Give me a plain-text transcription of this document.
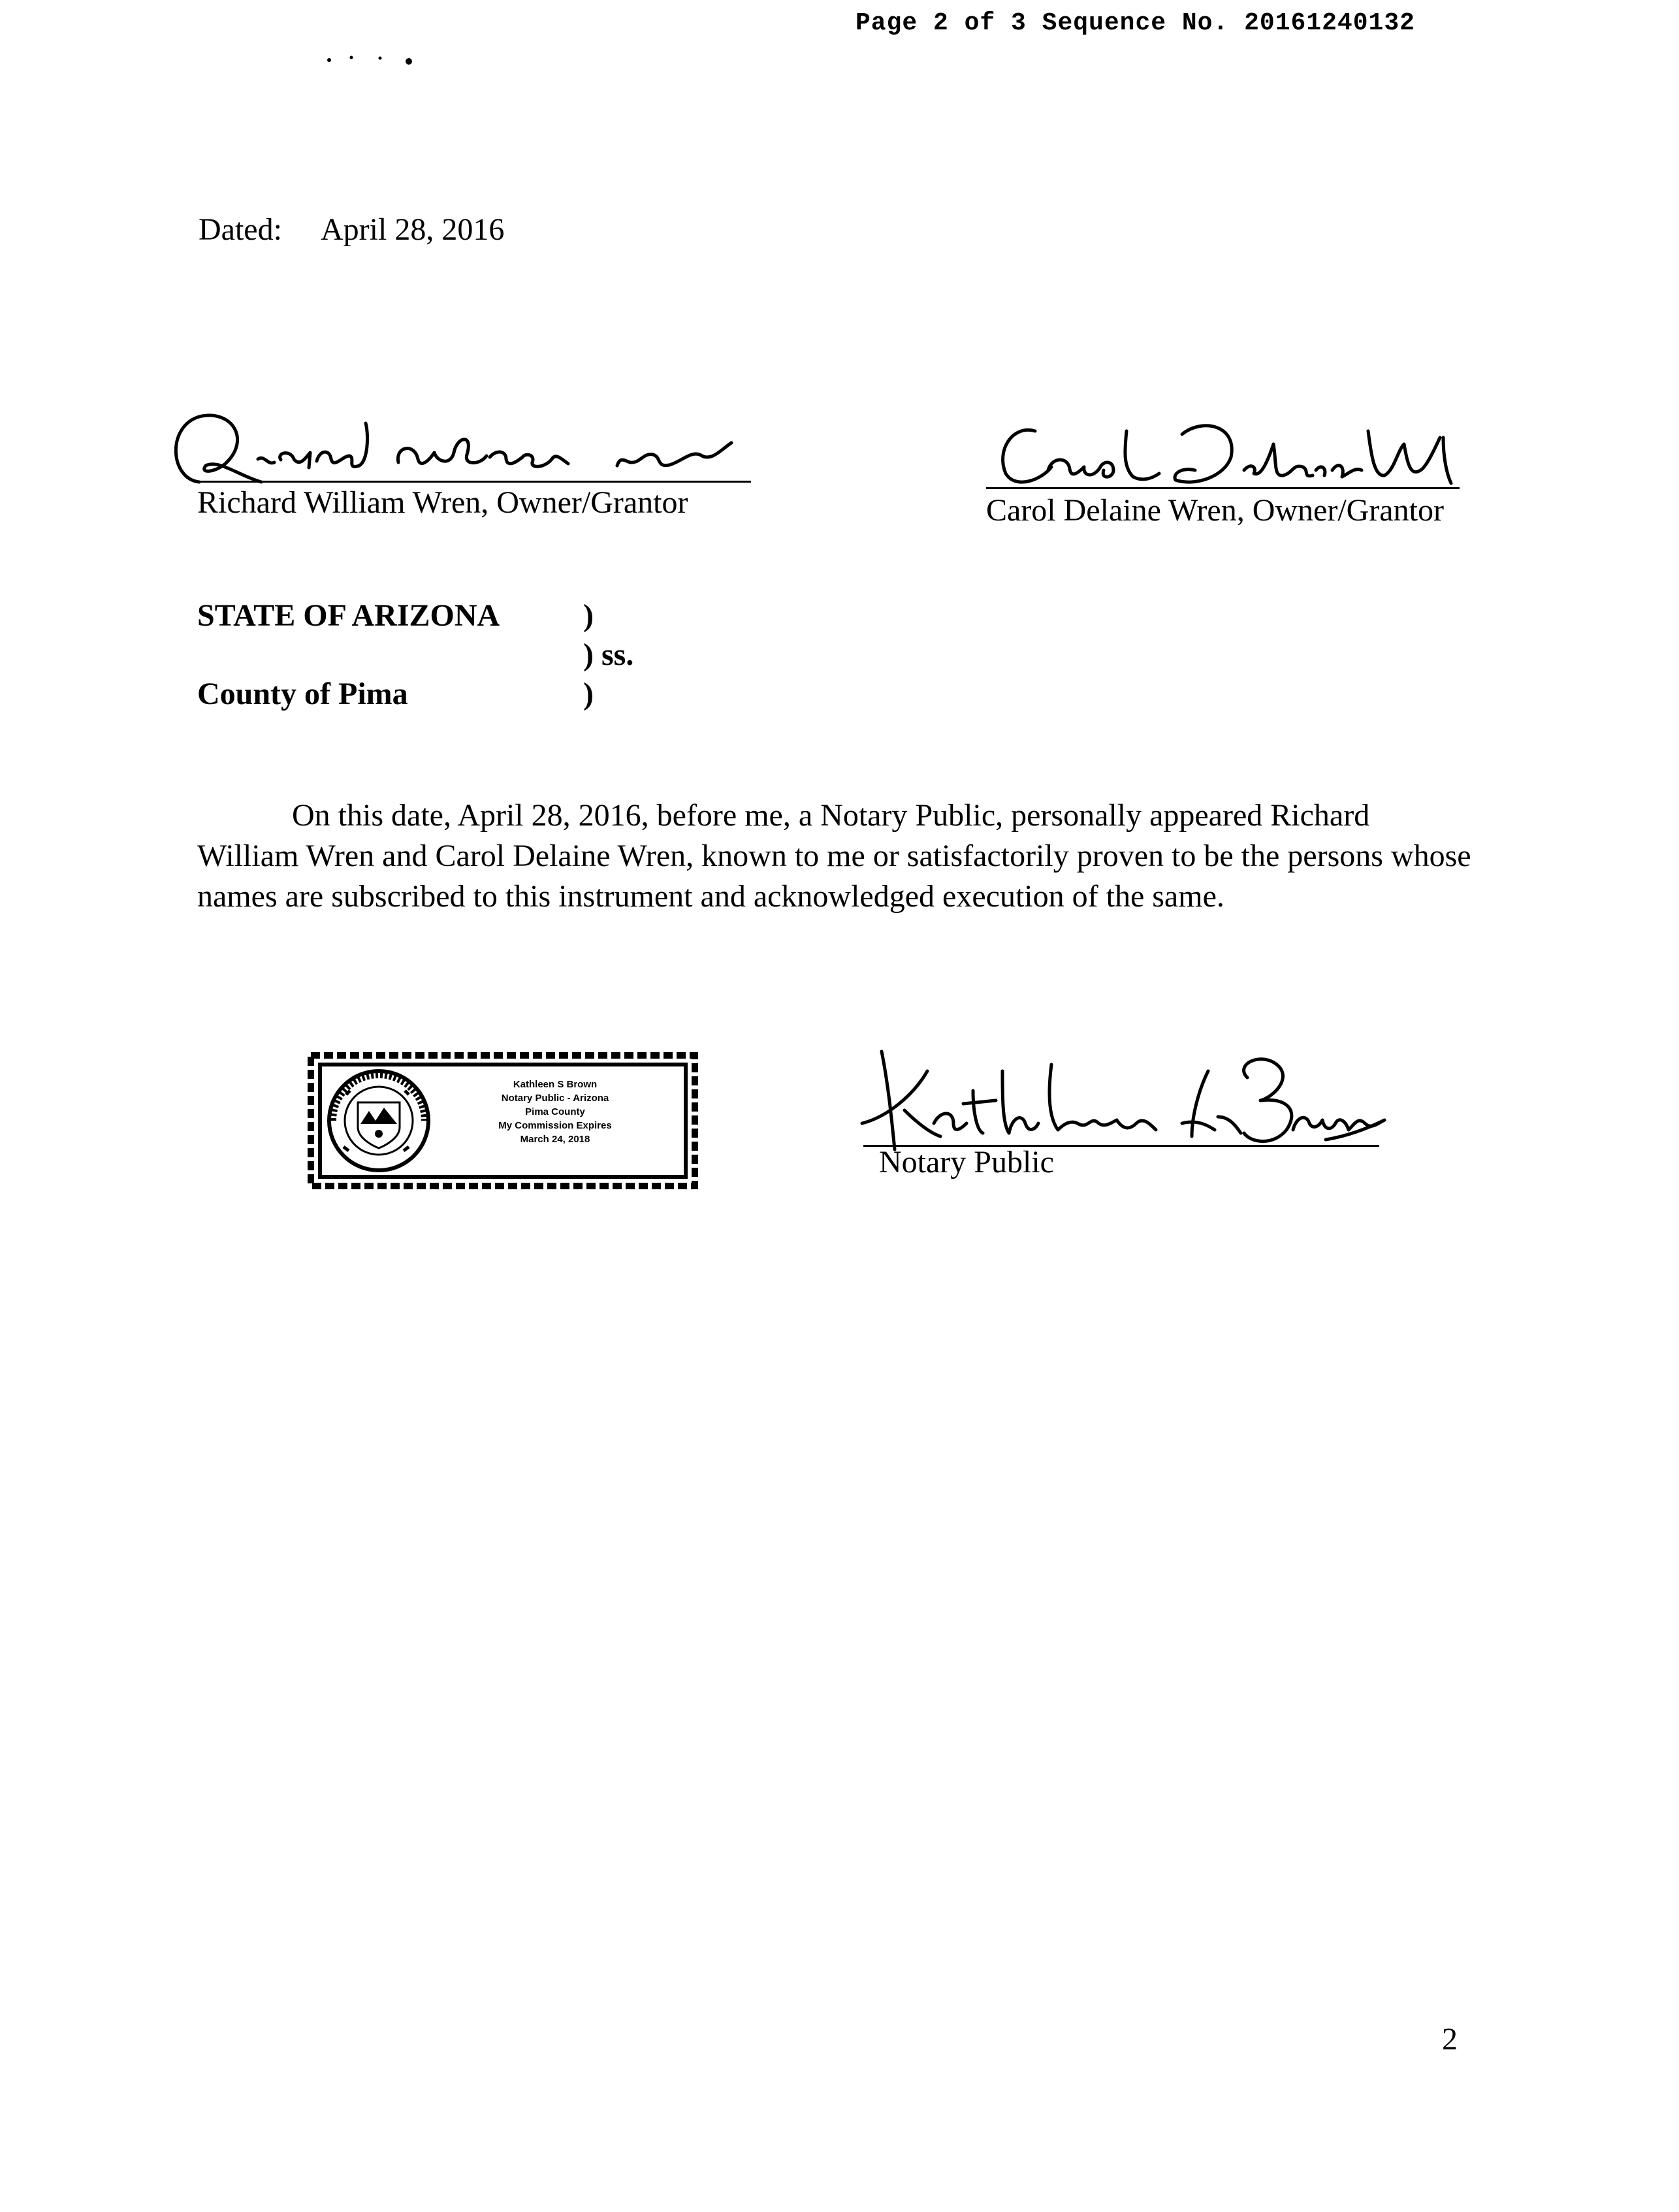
Page 2 of 3 Sequence No. 20161240132
Dated: April 28, 2016
Richard William Wren, Owner/Grantor	Carol Delaine Wren, Owner/Grantor
STATE OF ARIZONA	)
) ss.
County of Pima	)
On this date, April 28, 2016, before me, a Notary Public, personally appeared Richard William Wren and Carol Delaine Wren, known to me or satisfactorily proven to be the persons whose names are subscribed to this instrument and acknowledged execution of the same.
Kathleen S Brown
Notary Public - Arizona
Pima County
My Commission Expires
March 24, 2018
Notary Public
2
